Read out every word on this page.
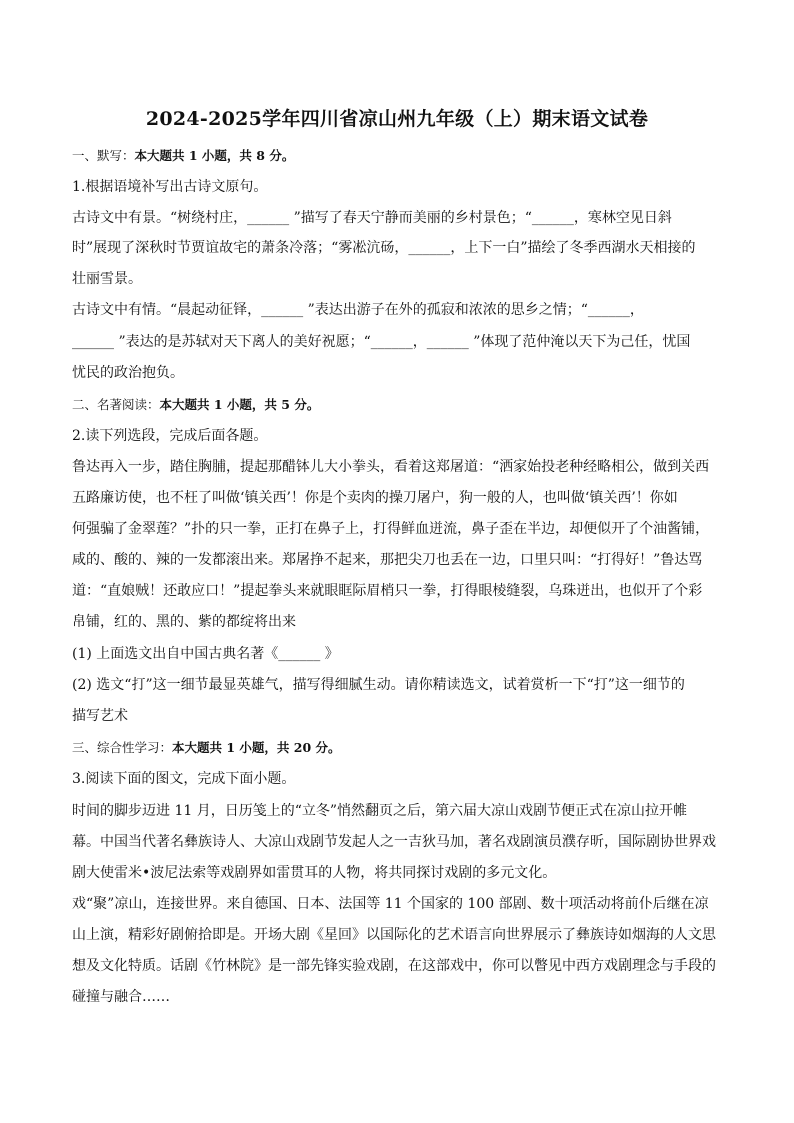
2024-2025学年四川省凉山州九年级（上）期末语文试卷
一、默写：本大题共 1 小题，共 8 分。
1.根据语境补写出古诗文原句。
古诗文中有景。“树绕村庄，______ ”描写了春天宁静而美丽的乡村景色；“______，寒林空见日斜
时”展现了深秋时节贾谊故宅的萧条冷落；“雾凇沆砀，______，上下一白”描绘了冬季西湖水天相接的
壮丽雪景。
古诗文中有情。“晨起动征铎，______ ”表达出游子在外的孤寂和浓浓的思乡之情；“______，
______ ”表达的是苏轼对天下离人的美好祝愿；“______，______ ”体现了范仲淹以天下为己任，忧国
忧民的政治抱负。
二、名著阅读：本大题共 1 小题，共 5 分。
2.读下列选段，完成后面各题。
鲁达再入一步，踏住胸脯，提起那醋钵儿大小拳头，看着这郑屠道：“洒家始投老种经略相公，做到关西
五路廉访使，也不枉了叫做‘镇关西’！你是个卖肉的操刀屠户，狗一般的人，也叫做‘镇关西’！你如
何强骗了金翠莲？”扑的只一拳，正打在鼻子上，打得鲜血迸流，鼻子歪在半边，却便似开了个油酱铺，
咸的、酸的、辣的一发都滚出来。郑屠挣不起来，那把尖刀也丢在一边，口里只叫：“打得好！”鲁达骂
道：“直娘贼！还敢应口！”提起拳头来就眼眶际眉梢只一拳，打得眼棱缝裂，乌珠迸出，也似开了个彩
帛铺，红的、黑的、紫的都绽将出来
(1) 上面选文出自中国古典名著《______ 》
(2) 选文“打”这一细节最显英雄气，描写得细腻生动。请你精读选文，试着赏析一下“打”这一细节的
描写艺术
三、综合性学习：本大题共 1 小题，共 20 分。
3.阅读下面的图文，完成下面小题。
时间的脚步迈进 11 月，日历笺上的“立冬”悄然翻页之后，第六届大凉山戏剧节便正式在凉山拉开帷
幕。中国当代著名彝族诗人、大凉山戏剧节发起人之一吉狄马加，著名戏剧演员濮存昕，国际剧协世界戏
剧大使雷米•波尼法索等戏剧界如雷贯耳的人物，将共同探讨戏剧的多元文化。
戏“聚”凉山，连接世界。来自德国、日本、法国等 11 个国家的 100 部剧、数十项活动将前仆后继在凉
山上演，精彩好剧俯拾即是。开场大剧《星回》以国际化的艺术语言向世界展示了彝族诗如烟海的人文思
想及文化特质。话剧《竹林院》是一部先锋实验戏剧，在这部戏中，你可以瞥见中西方戏剧理念与手段的
碰撞与融合……
